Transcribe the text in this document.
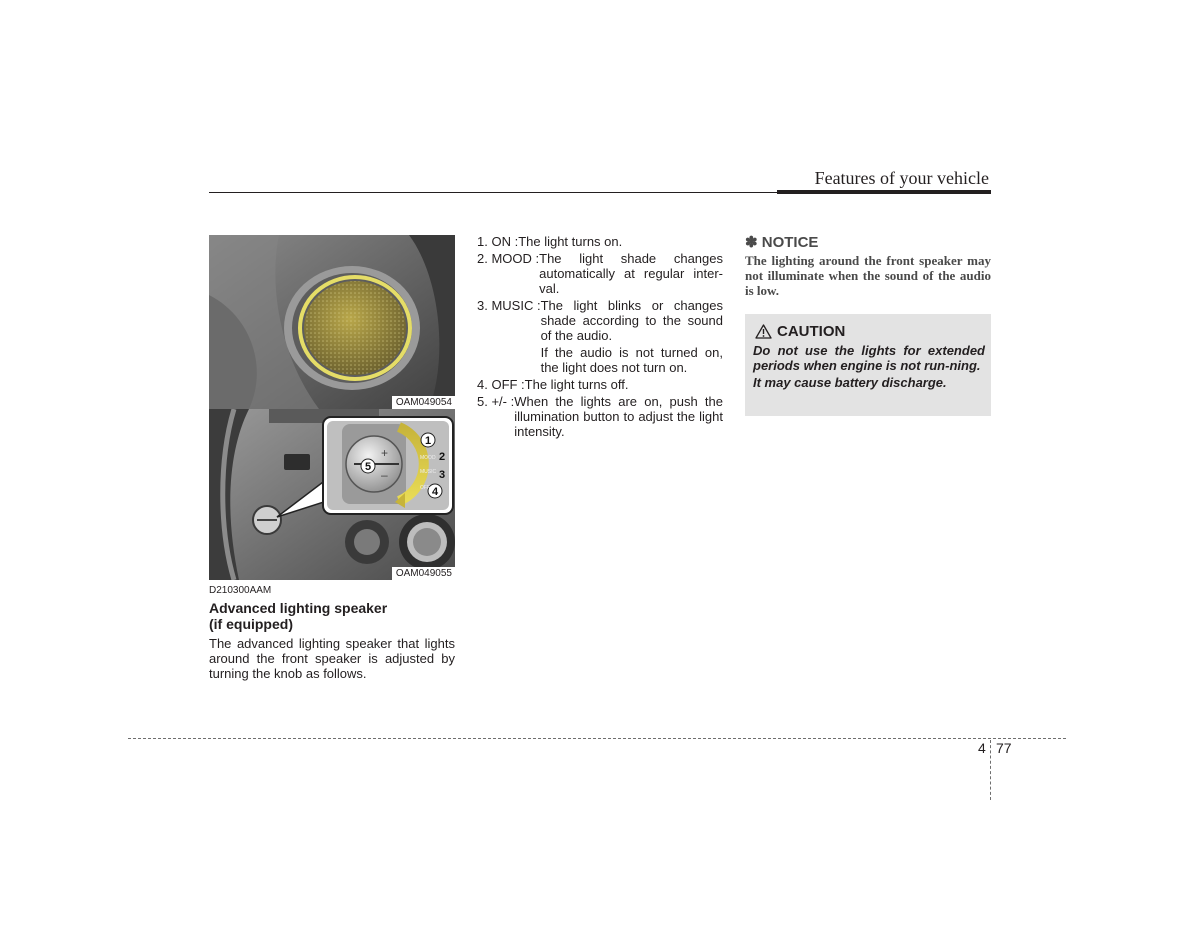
Features of your vehicle
OAM049054
+
–
5
1
2
3
4
MOOD
MUSIC
OFF
OAM049055
D210300AAM
Advanced lighting speaker
(if equipped)
The advanced lighting speaker that lights around the front speaker is adjusted by turning the knob as follows.
1. ON : The light turns on.
2. MOOD : The light shade changes automatically at regular inter-val.
3. MUSIC : The light blinks or changes shade according to the sound of the audio.
If the audio is not turned on, the light does not turn on.
4. OFF : The light turns off.
5. +/- : When the lights are on, push the illumination button to adjust the light intensity.
✽ NOTICE
The lighting around the front speaker may not illuminate when the sound of the audio is low.
CAUTION
Do not use the lights for extended periods when engine is not run-ning.
It may cause battery discharge.
4 77
